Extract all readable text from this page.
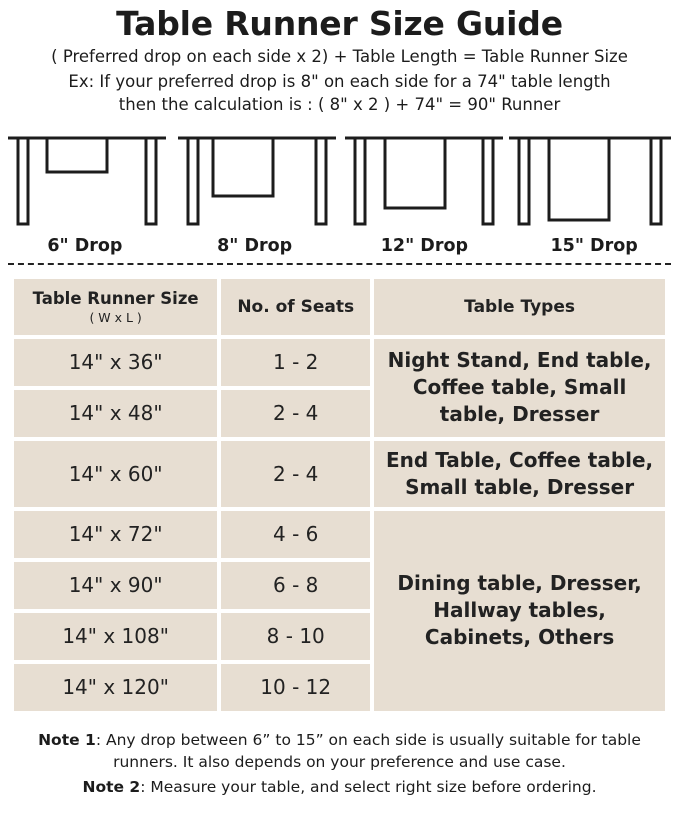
Table Runner Size Guide
( Preferred drop on each side x 2) + Table Length = Table Runner Size
Ex: If your preferred drop is 8" on each side for a 74" table length
then the calculation is : ( 8" x 2 ) + 74" = 90" Runner
6" Drop	8" Drop	12" Drop	15" Drop
Table Runner Size
( W x L )	No. of Seats	Table Types
14" x 36"	1 - 2	Night Stand, End table, Coffee table, Small table, Dresser
14" x 48"	2 - 4	
14" x 60"	2 - 4	End Table, Coffee table, Small table, Dresser
14" x 72"	4 - 6	Dining table, Dresser, Hallway tables, Cabinets, Others
14" x 90"	6 - 8	
14" x 108"	8 - 10	
14" x 120"	10 - 12	

Note 1: Any drop between 6” to 15” on each side is usually suitable for table runners. It also depends on your preference and use case.

Note 2: Measure your table, and select right size before ordering.
